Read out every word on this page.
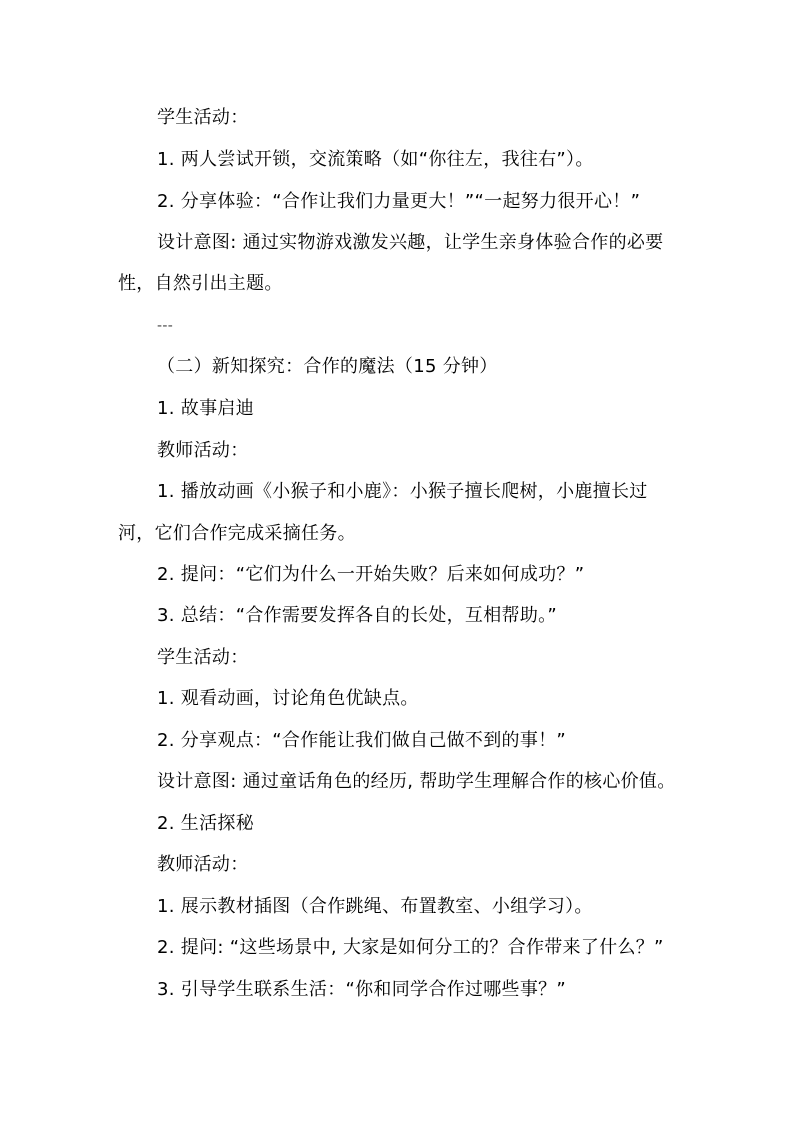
学生活动：
1. 两人尝试开锁，交流策略（如“你往左，我往右”）。
2. 分享体验：“合作让我们力量更大！”“一起努力很开心！”
设计意图: 通过实物游戏激发兴趣，让学生亲身体验合作的必要
性，自然引出主题。
---
（二）新知探究：合作的魔法（15 分钟）
1. 故事启迪
教师活动：
1. 播放动画《小猴子和小鹿》：小猴子擅长爬树，小鹿擅长过
河，它们合作完成采摘任务。
2. 提问：“它们为什么一开始失败？后来如何成功？”
3. 总结：“合作需要发挥各自的长处，互相帮助。”
学生活动：
1. 观看动画，讨论角色优缺点。
2. 分享观点：“合作能让我们做自己做不到的事！”
设计意图: 通过童话角色的经历, 帮助学生理解合作的核心价值。
2. 生活探秘
教师活动：
1. 展示教材插图（合作跳绳、布置教室、小组学习）。
2. 提问: “这些场景中, 大家是如何分工的？合作带来了什么？”
3. 引导学生联系生活：“你和同学合作过哪些事？”
